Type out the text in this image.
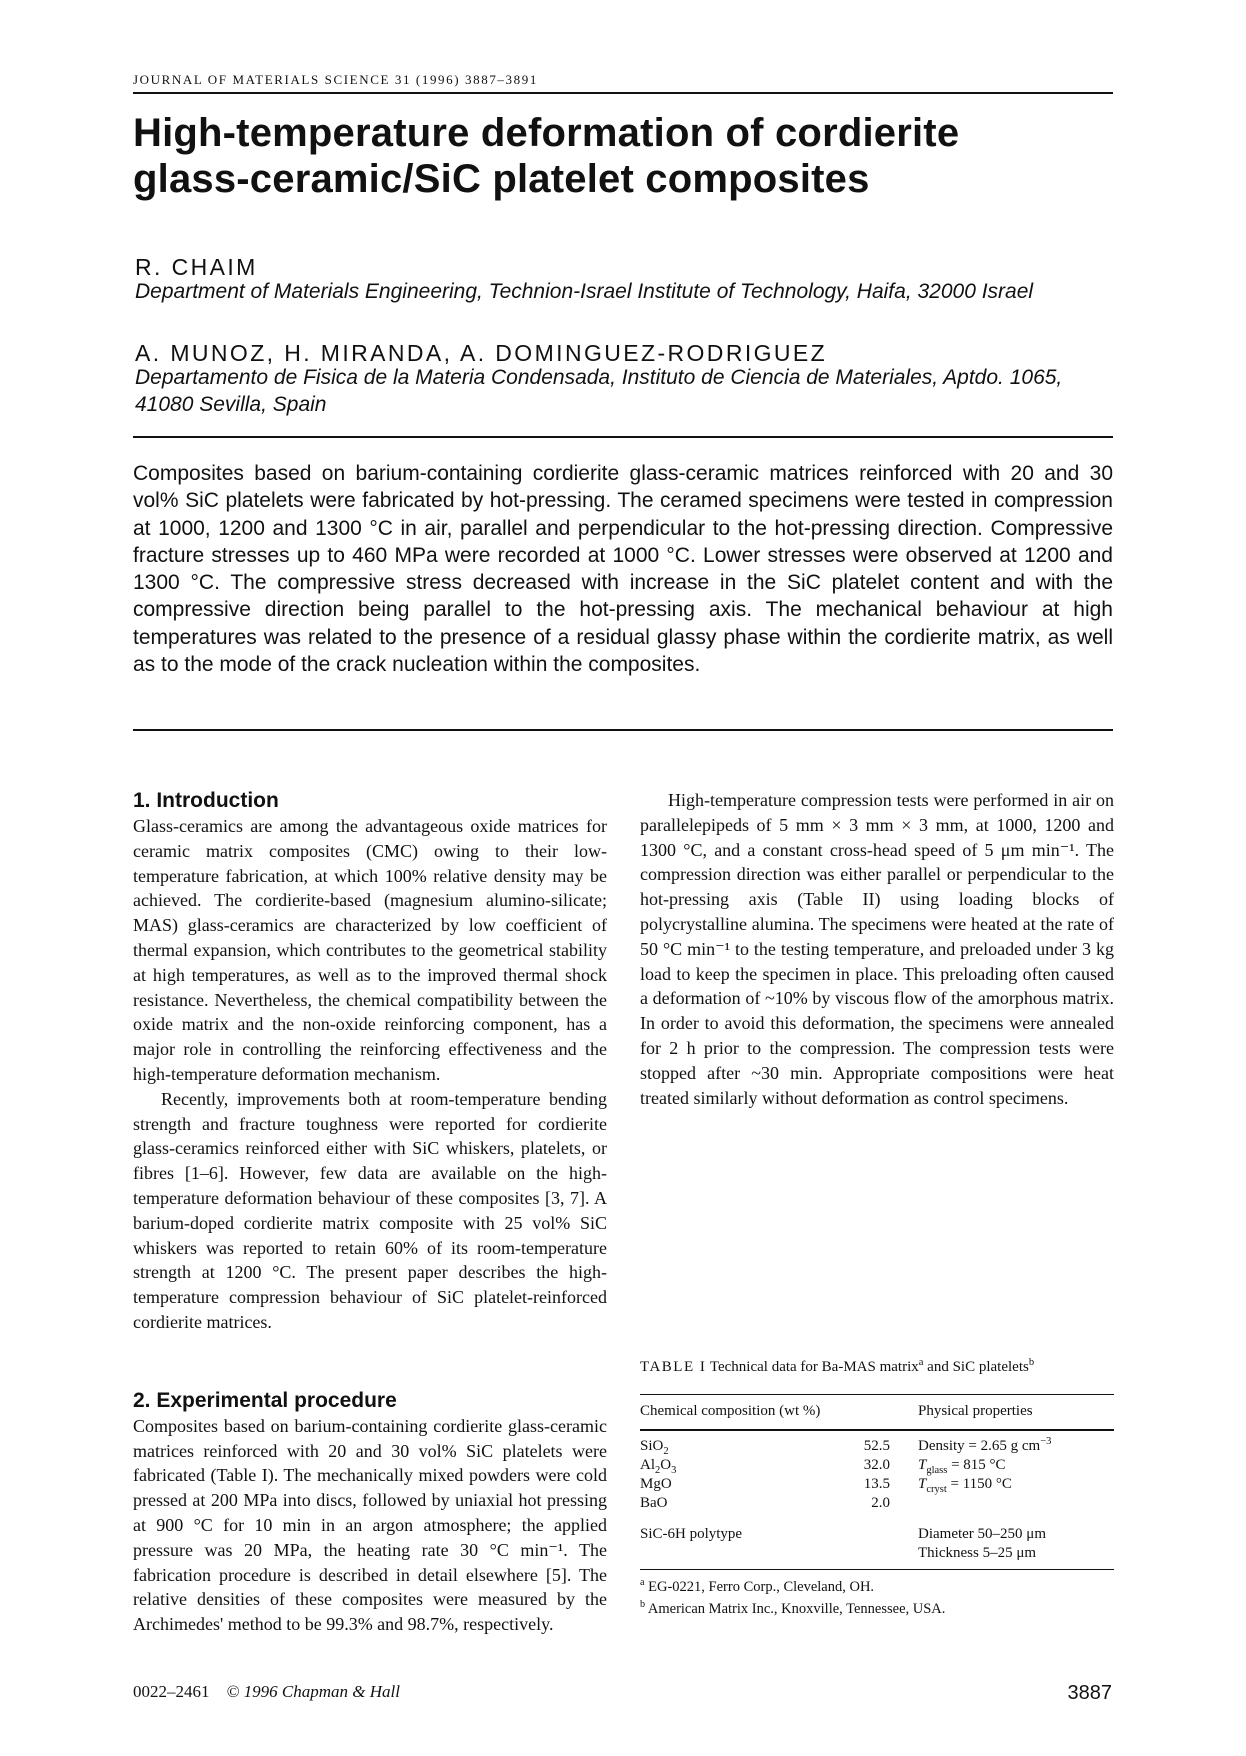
JOURNAL OF MATERIALS SCIENCE 31 (1996) 3887–3891
High-temperature deformation of cordierite
glass-ceramic/SiC platelet composites
R. CHAIM
Department of Materials Engineering, Technion-Israel Institute of Technology, Haifa, 32000 Israel
A. MUNOZ, H. MIRANDA, A. DOMINGUEZ-RODRIGUEZ
Departamento de Fisica de la Materia Condensada, Instituto de Ciencia de Materiales, Aptdo. 1065, 41080 Sevilla, Spain

Composites based on barium-containing cordierite glass-ceramic matrices reinforced with 20 and 30 vol% SiC platelets were fabricated by hot-pressing. The ceramed specimens were tested in compression at 1000, 1200 and 1300 °C in air, parallel and perpendicular to the hot-pressing direction. Compressive fracture stresses up to 460 MPa were recorded at 1000 °C. Lower stresses were observed at 1200 and 1300 °C. The compressive stress decreased with increase in the SiC platelet content and with the compressive direction being parallel to the hot-pressing axis. The mechanical behaviour at high temperatures was related to the presence of a residual glassy phase within the cordierite matrix, as well as to the mode of the crack nucleation within the composites.

1. Introduction

Glass-ceramics are among the advantageous oxide matrices for ceramic matrix composites (CMC) owing to their low-temperature fabrication, at which 100% relative density may be achieved. The cordierite-based (magnesium alumino-silicate; MAS) glass-ceramics are characterized by low coefficient of thermal expansion, which contributes to the geometrical stability at high temperatures, as well as to the improved thermal shock resistance. Nevertheless, the chemical compatibility between the oxide matrix and the non-oxide reinforcing component, has a major role in controlling the reinforcing effectiveness and the high-temperature deformation mechanism.

Recently, improvements both at room-temperature bending strength and fracture toughness were reported for cordierite glass-ceramics reinforced either with SiC whiskers, platelets, or fibres [1–6]. However, few data are available on the high-temperature deformation behaviour of these composites [3, 7]. A barium-doped cordierite matrix composite with 25 vol% SiC whiskers was reported to retain 60% of its room-temperature strength at 1200 °C. The present paper describes the high-temperature compression behaviour of SiC platelet-reinforced cordierite matrices.

2. Experimental procedure

Composites based on barium-containing cordierite glass-ceramic matrices reinforced with 20 and 30 vol% SiC platelets were fabricated (Table I). The mechanically mixed powders were cold pressed at 200 MPa into discs, followed by uniaxial hot pressing at 900 °C for 10 min in an argon atmosphere; the applied pressure was 20 MPa, the heating rate 30 °C min⁻¹. The fabrication procedure is described in detail elsewhere [5]. The relative densities of these composites were measured by the Archimedes' method to be 99.3% and 98.7%, respectively.

High-temperature compression tests were performed in air on parallelepipeds of 5 mm × 3 mm × 3 mm, at 1000, 1200 and 1300 °C, and a constant cross-head speed of 5 μm min⁻¹. The compression direction was either parallel or perpendicular to the hot-pressing axis (Table II) using loading blocks of polycrystalline alumina. The specimens were heated at the rate of 50 °C min⁻¹ to the testing temperature, and preloaded under 3 kg load to keep the specimen in place. This preloading often caused a deformation of ~10% by viscous flow of the amorphous matrix. In order to avoid this deformation, the specimens were annealed for 2 h prior to the compression. The compression tests were stopped after ~30 min. Appropriate compositions were heat treated similarly without deformation as control specimens.

TABLE I Technical data for Ba-MAS matrix$^a$ and SiC platelets$^b$

Chemical composition (wt %)		Physical properties

SiO$_2$	52.5	Density = 2.65 g $cm^{-3}$
$Al_2O_3$	32.0	$T_{glass} = 815$ °C
MgO	13.5	$T_{cryst} = 1150$ °C
BaO	2.0	

SiC-6H polytype		Diameter 50–250 μm
		Thickness 5–25 μm

$^a$ EG-0221, Ferro Corp., Cleveland, OH.
$^b$ American Matrix Inc., Knoxville, Tennessee, USA.
0022–2461 © 1996 Chapman & Hall	3887
